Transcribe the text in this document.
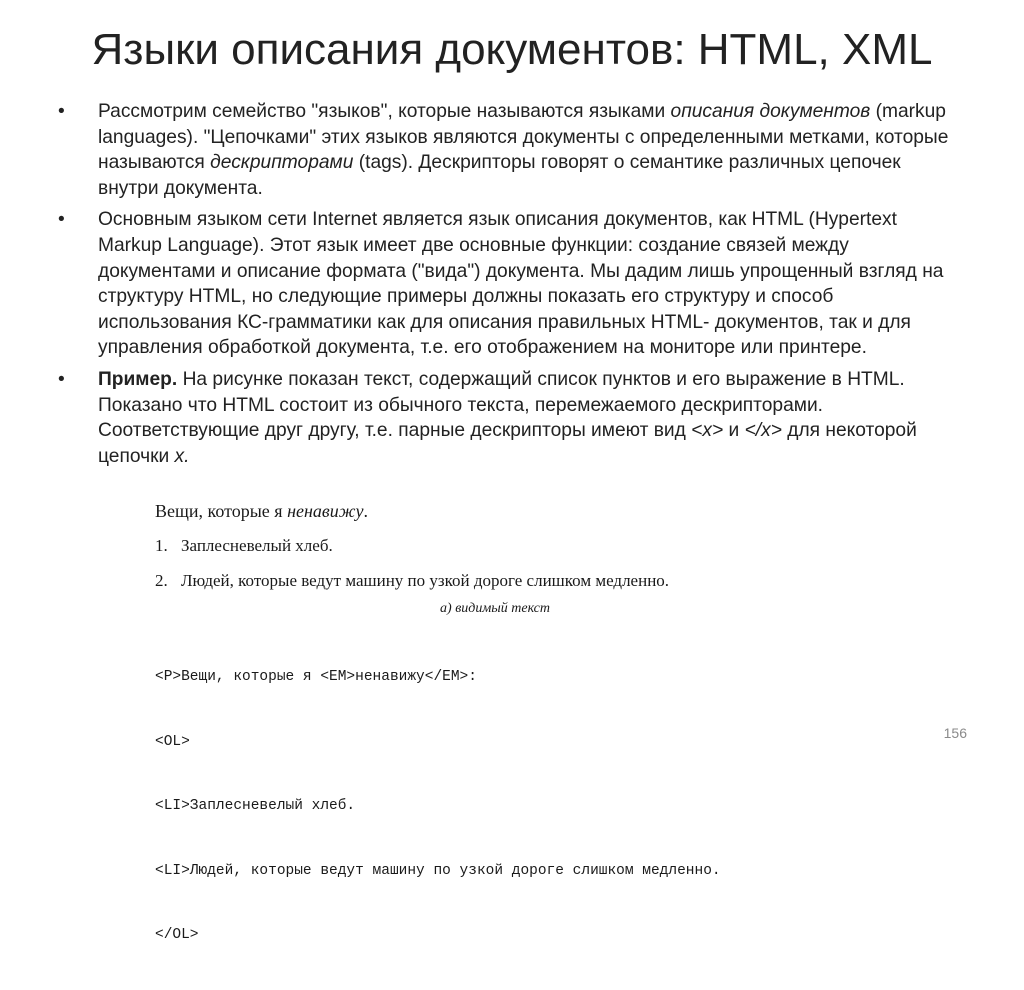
Языки описания документов: HTML, XML
•	Рассмотрим семейство "языков", которые называются языками описания документов (markup languages). "Цепочками" этих языков являются документы с определенными метками, которые называются дескрипторами (tags). Дескрипторы говорят о семантике различных цепочек внутри документа.
•	Основным языком сети Internet является язык описания документов, как HTML (Hypertext Markup Language). Этот язык имеет две основные функции: создание связей между документами и описание формата ("вида") документа. Мы дадим лишь упрощенный взгляд на структуру HTML, но следующие примеры должны показать его структуру и способ использования КС-грамматики как для описания правильных HTML- документов, так и для управления обработкой документа, т.е. его отображением на мониторе или принтере.
•	Пример. На рисунке показан текст, содержащий список пунктов и его выражение в HTML. Показано что HTML состоит из обычного текста, перемежаемого дескрипторами. Соответствующие друг другу, т.е. парные дескрипторы имеют вид <x> и </x> для некоторой цепочки x.

Вещи, которые я ненавижу.

1. Заплесневелый хлеб.
2. Людей, которые ведут машину по узкой дороге слишком медленно.
а) видимый текст

<P>Вещи, которые я <EM>ненавижу</EM>:

<OL>

<LI>Заплесневелый хлеб.

<LI>Людей, которые ведут машину по узкой дороге слишком медленно.

</OL>

156
